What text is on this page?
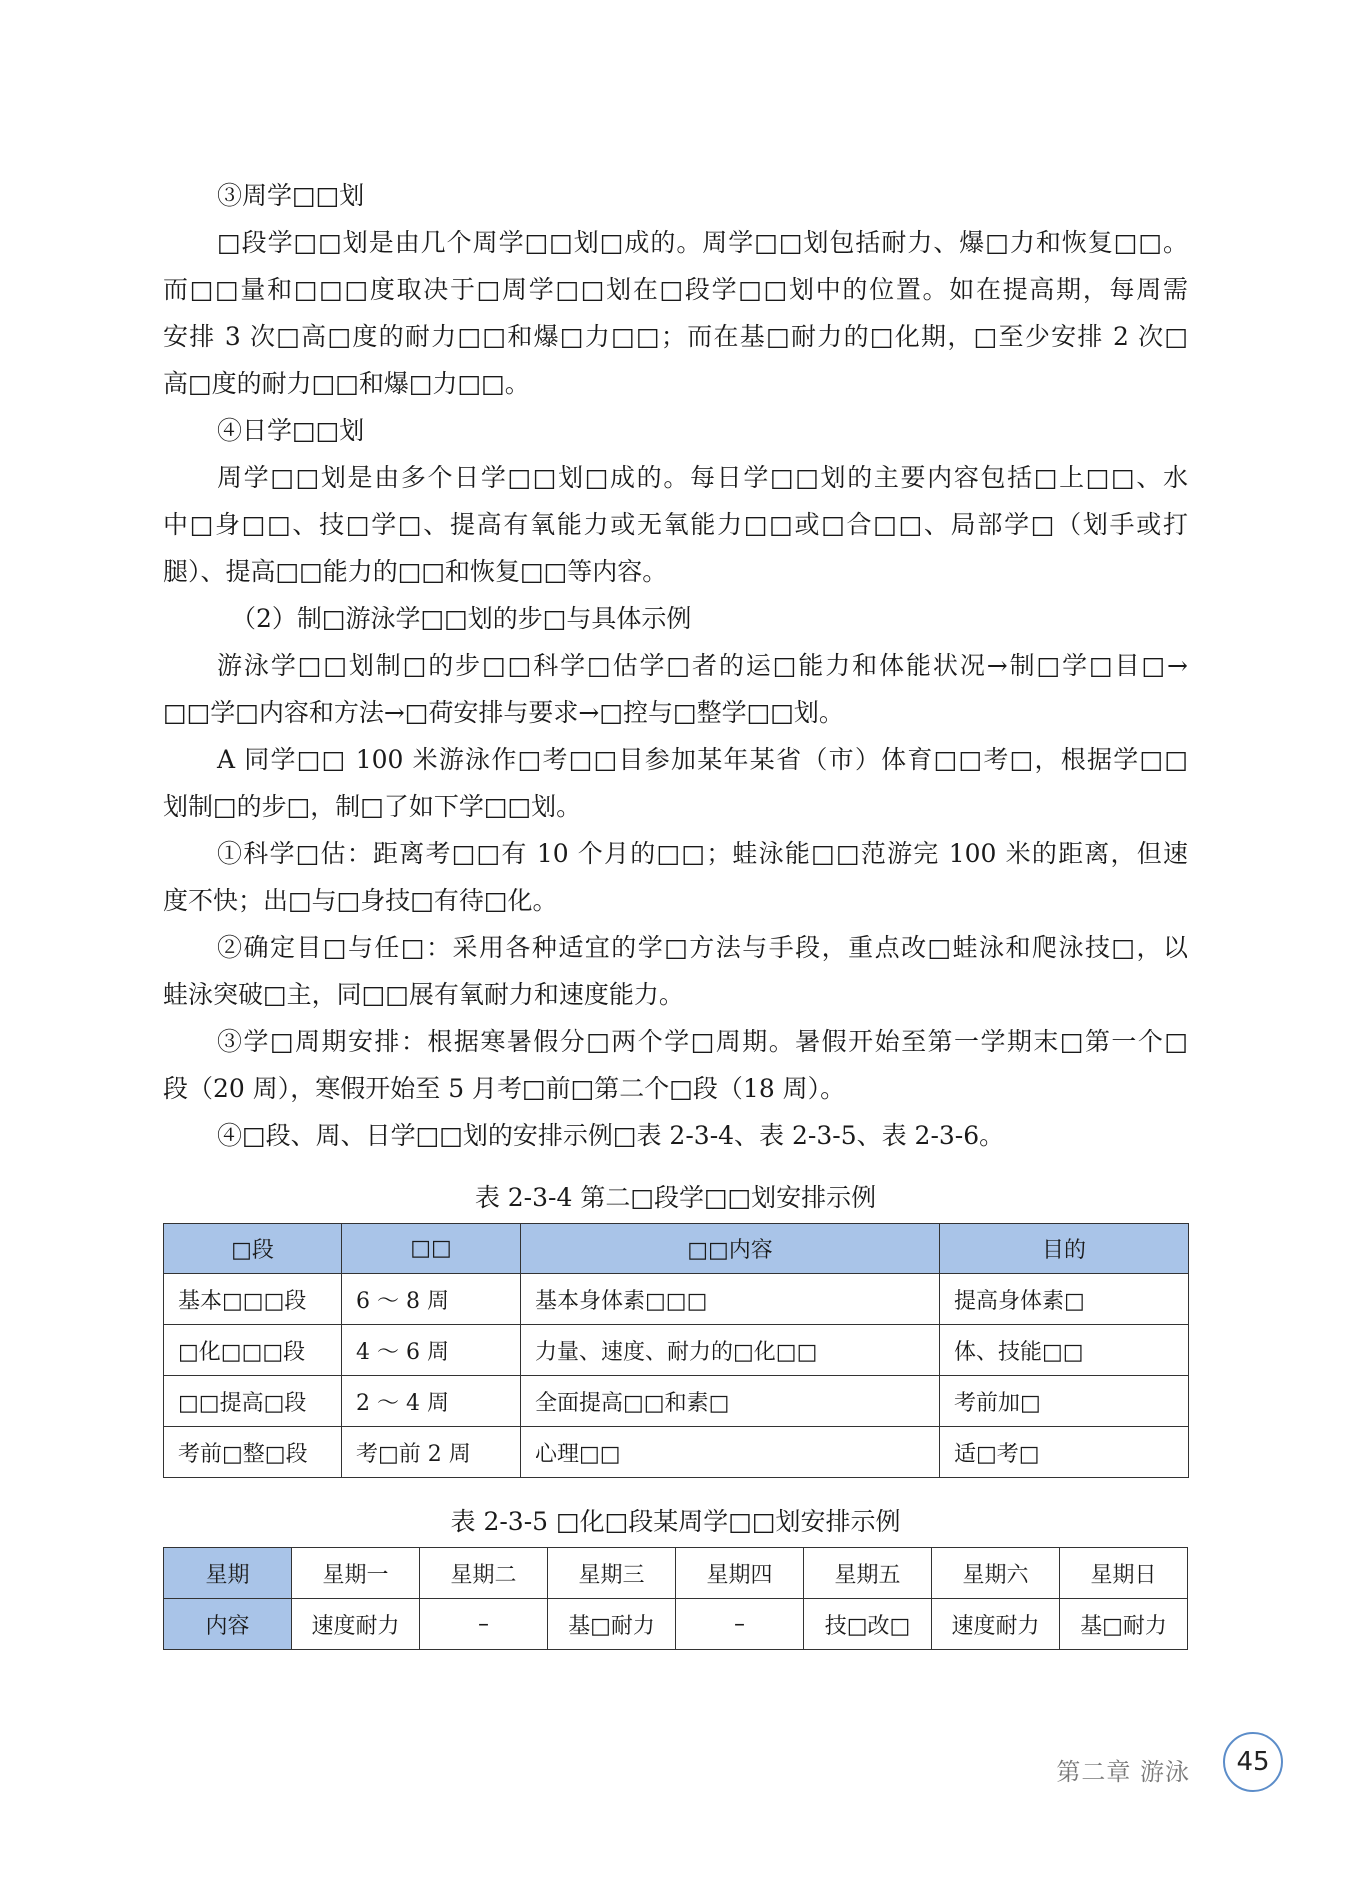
③周学□□划
□段学□□划是由几个周学□□划□成的。周学□□划包括耐力、爆□力和恢复□□。
而□□量和□□□度取决于□周学□□划在□段学□□划中的位置。如在提高期，每周需
安排 3 次□高□度的耐力□□和爆□力□□；而在基□耐力的□化期，□至少安排 2 次□
高□度的耐力□□和爆□力□□。
④日学□□划
周学□□划是由多个日学□□划□成的。每日学□□划的主要内容包括□上□□、水
中□身□□、技□学□、提高有氧能力或无氧能力□□或□合□□、局部学□（划手或打
腿）、提高□□能力的□□和恢复□□等内容。
（2）制□游泳学□□划的步□与具体示例
游泳学□□划制□的步□□科学□估学□者的运□能力和体能状况→制□学□目□→
□□学□内容和方法→□荷安排与要求→□控与□整学□□划。
A 同学□□ 100 米游泳作□考□□目参加某年某省（市）体育□□考□，根据学□□
划制□的步□，制□了如下学□□划。
①科学□估：距离考□□有 10 个月的□□；蛙泳能□□范游完 100 米的距离，但速
度不快；出□与□身技□有待□化。
②确定目□与任□：采用各种适宜的学□方法与手段，重点改□蛙泳和爬泳技□，以
蛙泳突破□主，同□□展有氧耐力和速度能力。
③学□周期安排：根据寒暑假分□两个学□周期。暑假开始至第一学期末□第一个□
段（20 周），寒假开始至 5 月考□前□第二个□段（18 周）。
④□段、周、日学□□划的安排示例□表 2-3-4、表 2-3-5、表 2-3-6。
表 2-3-4 第二□段学□□划安排示例
□段	□□	□□内容	目的
基本□□□段	6 ～ 8 周	基本身体素□□□	提高身体素□
□化□□□段	4 ～ 6 周	力量、速度、耐力的□化□□	体、技能□□
□□提高□段	2 ～ 4 周	全面提高□□和素□	考前加□
考前□整□段	考□前 2 周	心理□□	适□考□
表 2-3-5 □化□段某周学□□划安排示例
星期	星期一	星期二	星期三	星期四	星期五	星期六	星期日
内容	速度耐力	–	基□耐力	–	技□改□	速度耐力	基□耐力
第二章 游泳	45
